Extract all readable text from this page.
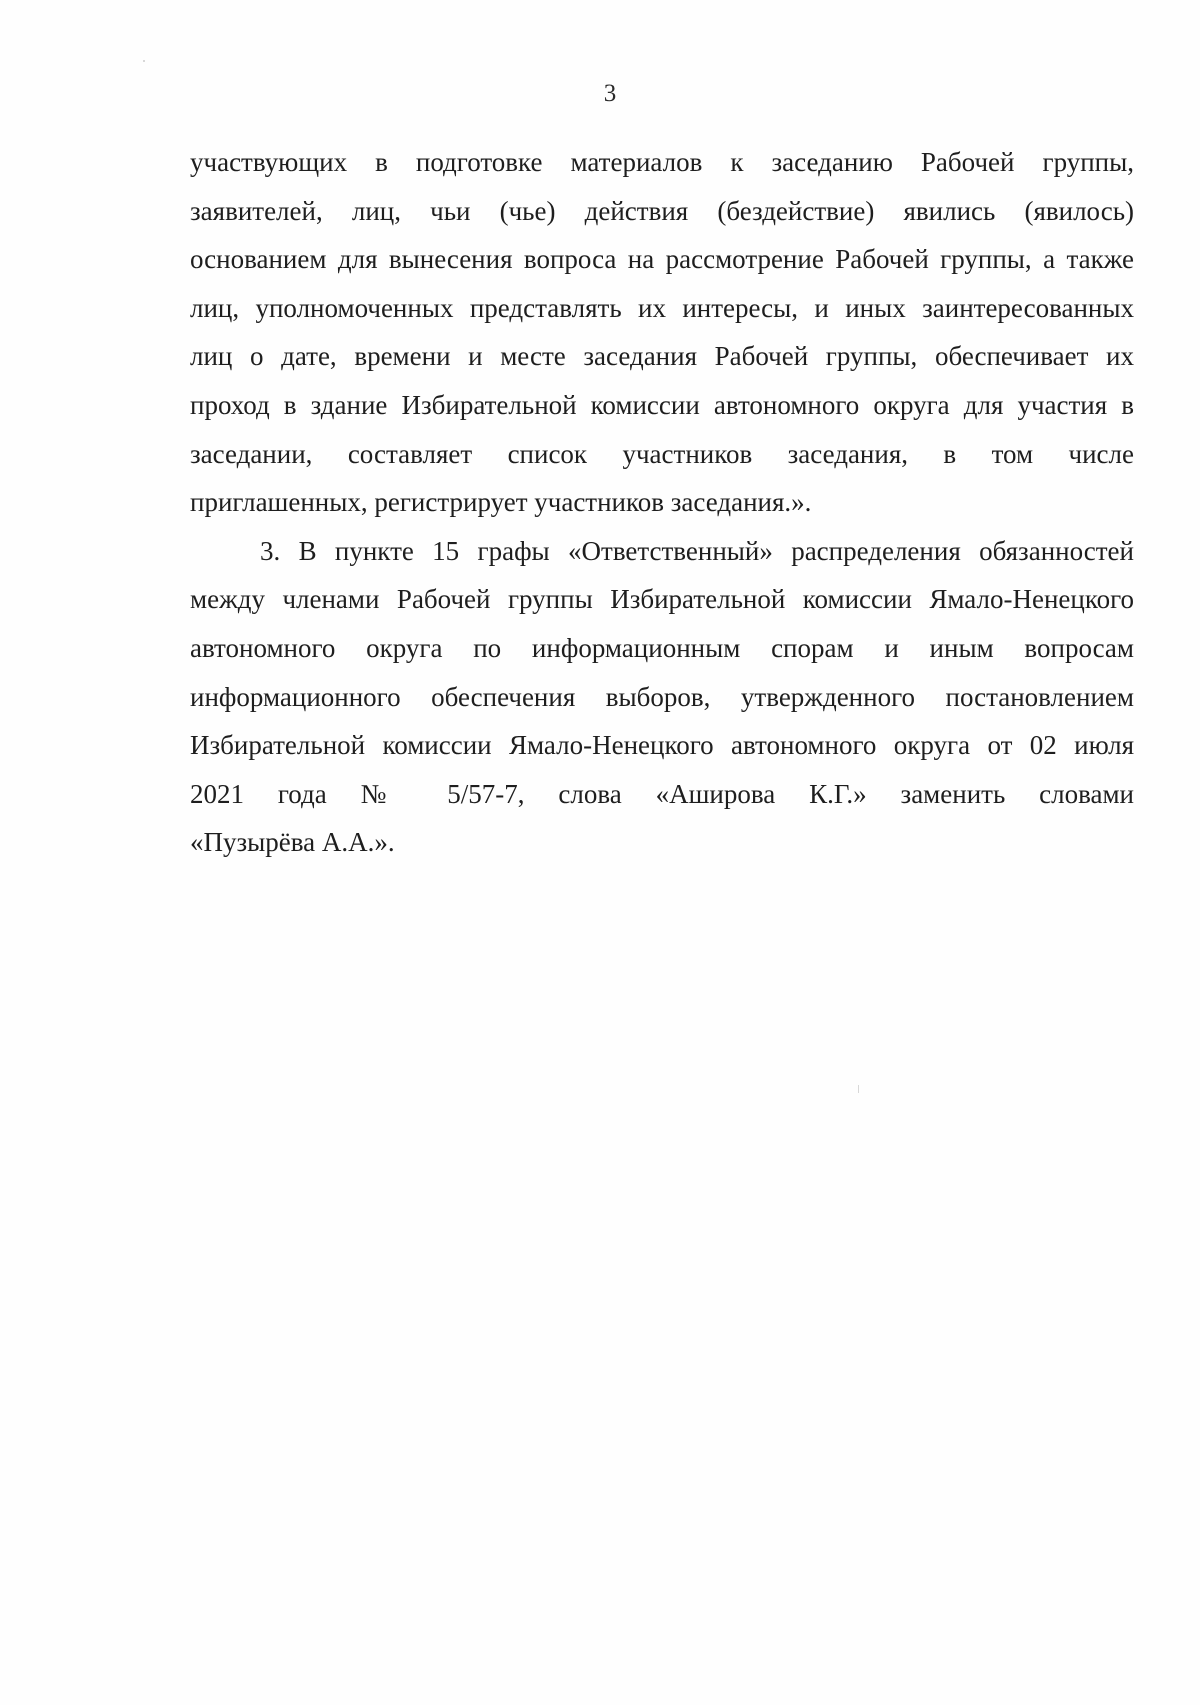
3

участвующих в подготовке материалов к заседанию Рабочей группы,
заявителей, лиц, чьи (чье) действия (бездействие) явились (явилось)
основанием для вынесения вопроса на рассмотрение Рабочей группы, а также
лиц, уполномоченных представлять их интересы, и иных заинтересованных
лиц о дате, времени и месте заседания Рабочей группы, обеспечивает их
проход в здание Избирательной комиссии автономного округа для участия в
заседании, составляет список участников заседания, в том числе
приглашенных, регистрирует участников заседания.».

3. В пункте 15 графы «Ответственный» распределения обязанностей
между членами Рабочей группы Избирательной комиссии Ямало-Ненецкого
автономного округа по информационным спорам и иным вопросам
информационного обеспечения выборов, утвержденного постановлением
Избирательной комиссии Ямало-Ненецкого автономного округа от 02 июля
2021 года № 5/57-7, слова «Аширова К.Г.» заменить словами
«Пузырёва А.А.».
